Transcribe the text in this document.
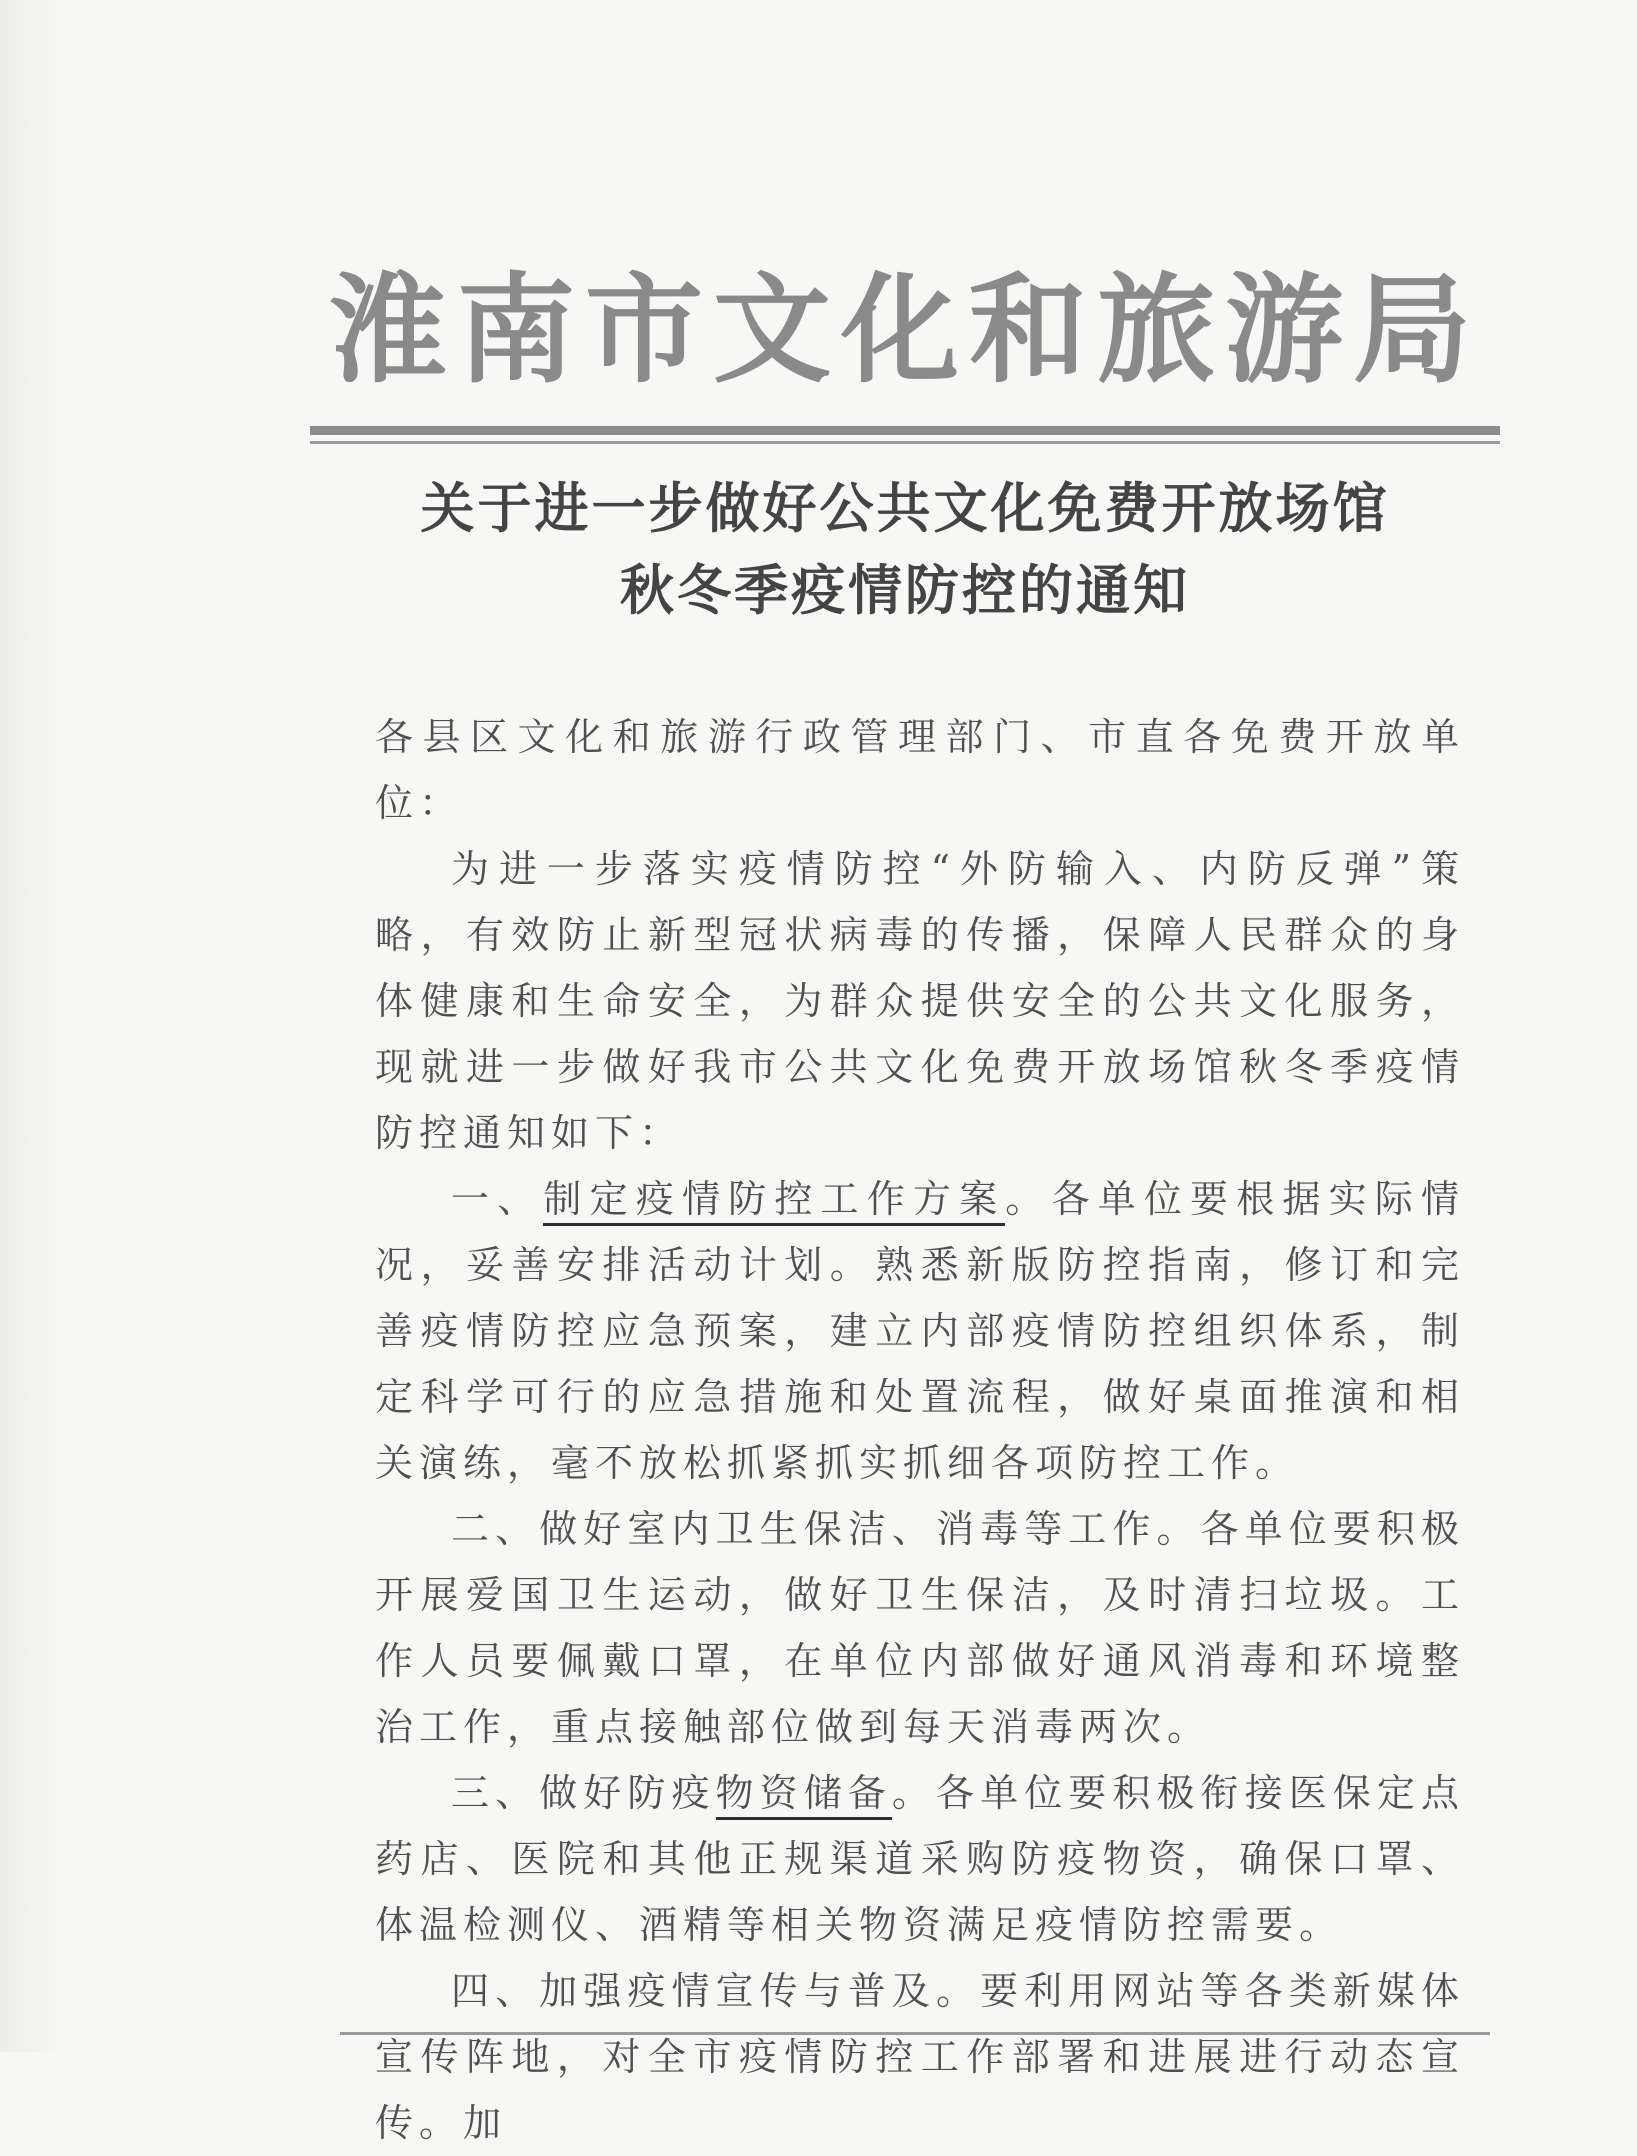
淮南市文化和旅游局
关于进一步做好公共文化免费开放场馆
秋冬季疫情防控的通知

各县区文化和旅游行政管理部门、市直各免费开放单位：

为进一步落实疫情防控“外防输入、内防反弹”策略，有效防止新型冠状病毒的传播，保障人民群众的身体健康和生命安全，为群众提供安全的公共文化服务，现就进一步做好我市公共文化免费开放场馆秋冬季疫情防控通知如下：

一、制定疫情防控工作方案。各单位要根据实际情况，妥善安排活动计划。熟悉新版防控指南，修订和完善疫情防控应急预案，建立内部疫情防控组织体系，制定科学可行的应急措施和处置流程，做好桌面推演和相关演练，毫不放松抓紧抓实抓细各项防控工作。

二、做好室内卫生保洁、消毒等工作。各单位要积极开展爱国卫生运动，做好卫生保洁，及时清扫垃圾。工作人员要佩戴口罩，在单位内部做好通风消毒和环境整治工作，重点接触部位做到每天消毒两次。

三、做好防疫物资储备。各单位要积极衔接医保定点药店、医院和其他正规渠道采购防疫物资，确保口罩、体温检测仪、酒精等相关物资满足疫情防控需要。

四、加强疫情宣传与普及。要利用网站等各类新媒体宣传阵地，对全市疫情防控工作部署和进展进行动态宣传。加
